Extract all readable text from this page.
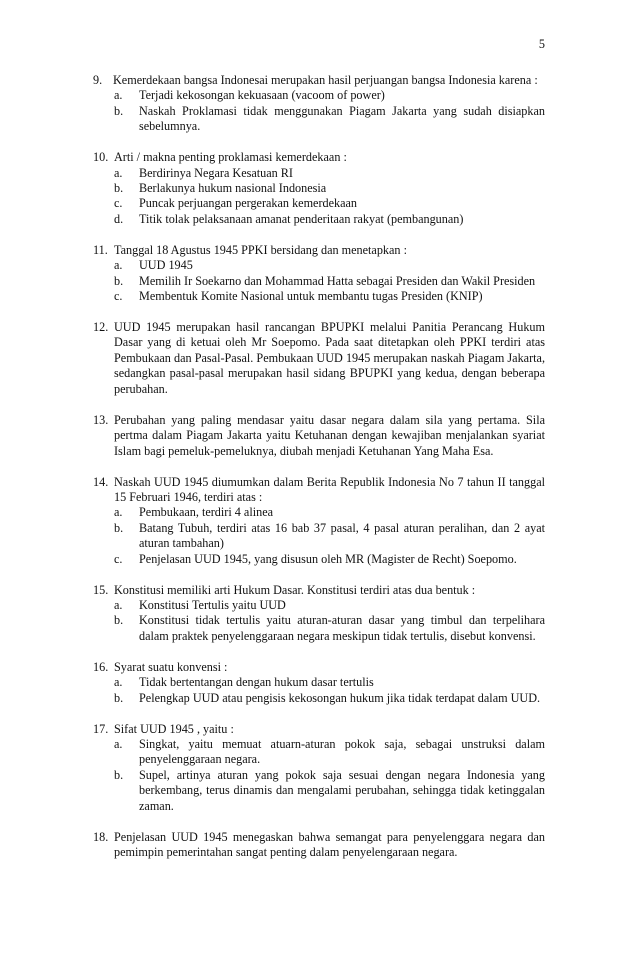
5
9. Kemerdekaan bangsa Indonesai merupakan hasil perjuangan bangsa Indonesia karena :
a.	Terjadi kekosongan kekuasaan (vacoom of power)
b.	Naskah Proklamasi tidak menggunakan Piagam Jakarta yang sudah disiapkan sebelumnya.
10. Arti / makna penting proklamasi kemerdekaan :
a.	Berdirinya Negara Kesatuan RI
b.	Berlakunya hukum nasional Indonesia
c.	Puncak perjuangan pergerakan kemerdekaan
d.	Titik tolak pelaksanaan amanat penderitaan rakyat (pembangunan)
11. Tanggal 18 Agustus 1945 PPKI bersidang dan menetapkan :
a.	UUD 1945
b.	Memilih Ir Soekarno dan Mohammad Hatta sebagai Presiden dan Wakil Presiden
c.	Membentuk Komite Nasional untuk membantu tugas Presiden (KNIP)
12. UUD 1945 merupakan hasil rancangan BPUPKI melalui Panitia Perancang Hukum Dasar yang di ketuai oleh Mr Soepomo. Pada saat ditetapkan oleh PPKI terdiri atas Pembukaan dan Pasal-Pasal. Pembukaan UUD 1945 merupakan naskah Piagam Jakarta, sedangkan pasal-pasal merupakan hasil sidang BPUPKI yang kedua, dengan beberapa perubahan.
13. Perubahan yang paling mendasar yaitu dasar negara dalam sila yang pertama. Sila pertma dalam Piagam Jakarta yaitu Ketuhanan dengan kewajiban menjalankan syariat Islam bagi pemeluk-pemeluknya, diubah menjadi Ketuhanan Yang Maha Esa.
14. Naskah UUD 1945 diumumkan dalam Berita Republik Indonesia No 7 tahun II tanggal 15 Februari 1946, terdiri atas :
a.	Pembukaan, terdiri 4 alinea
b.	Batang Tubuh, terdiri atas 16 bab 37 pasal, 4 pasal aturan peralihan, dan 2 ayat aturan tambahan)
c.	Penjelasan UUD 1945, yang disusun oleh MR (Magister de Recht) Soepomo.
15. Konstitusi memiliki arti Hukum Dasar. Konstitusi terdiri atas dua bentuk :
a.	Konstitusi Tertulis yaitu UUD
b.	Konstitusi tidak tertulis yaitu aturan-aturan dasar yang timbul dan terpelihara dalam praktek penyelenggaraan negara meskipun tidak tertulis, disebut konvensi.
16. Syarat suatu konvensi :
a.	Tidak bertentangan dengan hukum dasar tertulis
b.	Pelengkap UUD atau pengisis kekosongan hukum jika tidak terdapat dalam UUD.
17. Sifat UUD 1945 , yaitu :
a.	Singkat, yaitu memuat atuarn-aturan pokok saja, sebagai unstruksi dalam penyelenggaraan negara.
b.	Supel, artinya aturan yang pokok saja sesuai dengan negara Indonesia yang berkembang, terus dinamis dan mengalami perubahan, sehingga tidak ketinggalan zaman.
18. Penjelasan UUD 1945 menegaskan bahwa semangat para penyelenggara negara dan pemimpin pemerintahan sangat penting dalam penyelengaraan negara.
